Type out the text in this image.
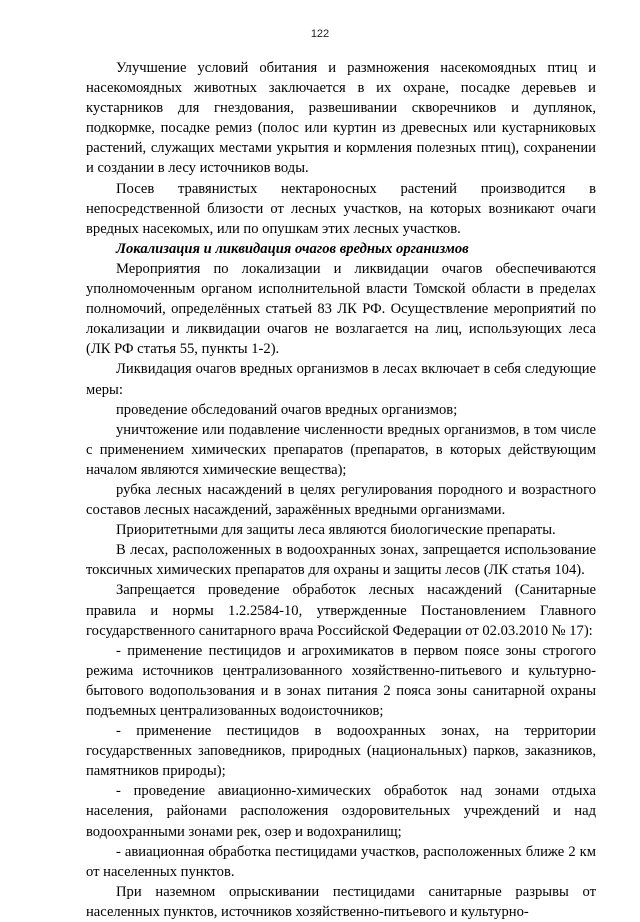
122

Улучшение условий обитания и размножения насекомоядных птиц и насекомоядных животных заключается в их охране, посадке деревьев и кустарников для гнездования, развешивании скворечников и дуплянок, подкормке, посадке ремиз (полос или куртин из древесных или кустарниковых растений, служащих местами укрытия и кормления полезных птиц), сохранении и создании в лесу источников воды.

Посев травянистых нектароносных растений производится в непосредственной близости от лесных участков, на которых возникают очаги вредных насекомых, или по опушкам этих лесных участков.

Локализация и ликвидация очагов вредных организмов

Мероприятия по локализации и ликвидации очагов обеспечиваются уполномоченным органом исполнительной власти Томской области в пределах полномочий, определённых статьей 83 ЛК РФ. Осуществление мероприятий по локализации и ликвидации очагов не возлагается на лиц, использующих леса (ЛК РФ статья 55, пункты 1-2).

Ликвидация очагов вредных организмов в лесах включает в себя следующие меры:

проведение обследований очагов вредных организмов;

уничтожение или подавление численности вредных организмов, в том числе с применением химических препаратов (препаратов, в которых действующим началом являются химические вещества);

рубка лесных насаждений в целях регулирования породного и возрастного составов лесных насаждений, заражённых вредными организмами.

Приоритетными для защиты леса являются биологические препараты.

В лесах, расположенных в водоохранных зонах, запрещается использование токсичных химических препаратов для охраны и защиты лесов (ЛК статья 104).

Запрещается проведение обработок лесных насаждений (Санитарные правила и нормы 1.2.2584-10, утвержденные Постановлением Главного государственного санитарного врача Российской Федерации от 02.03.2010 № 17):

- применение пестицидов и агрохимикатов в первом поясе зоны строгого режима источников централизованного хозяйственно-питьевого и культурно-бытового водопользования и в зонах питания 2 пояса зоны санитарной охраны подъемных централизованных водоисточников;

- применение пестицидов в водоохранных зонах, на территории государственных заповедников, природных (национальных) парков, заказников, памятников природы);

- проведение авиационно-химических обработок над зонами отдыха населения, районами расположения оздоровительных учреждений и над водоохранными зонами рек, озер и водохранилищ;

- авиационная обработка пестицидами участков, расположенных ближе 2 км от населенных пунктов.

При наземном опрыскивании пестицидами санитарные разрывы от населенных пунктов, источников хозяйственно-питьевого и культурно-
